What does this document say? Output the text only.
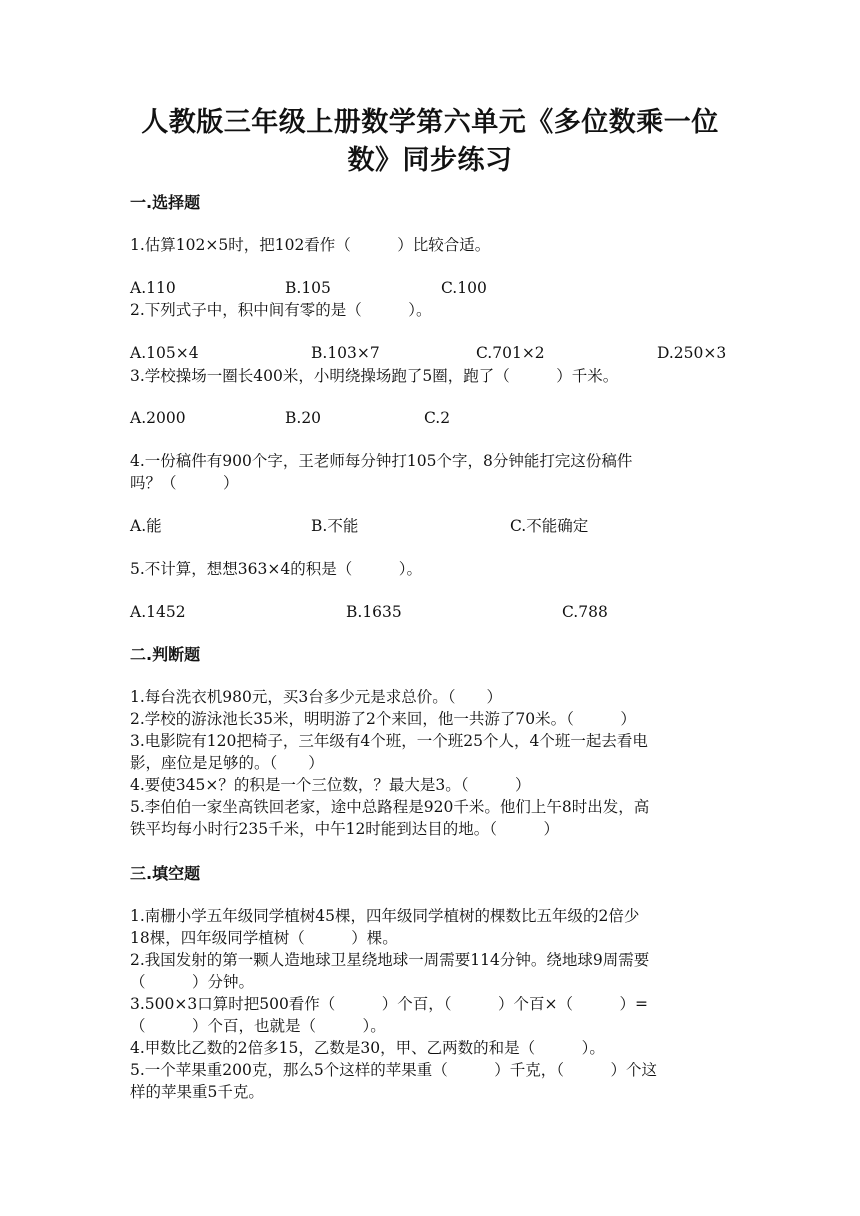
人教版三年级上册数学第六单元《多位数乘一位
数》同步练习
一.选择题
1.估算102×5时，把102看作（　　　）比较合适。
A.110	B.105	C.100
2.下列式子中，积中间有零的是（　　　）。
A.105×4	B.103×7	C.701×2	D.250×3
3.学校操场一圈长400米，小明绕操场跑了5圈，跑了（　　　）千米。
A.2000	B.20	C.2
4.一份稿件有900个字，王老师每分钟打105个字，8分钟能打完这份稿件
吗？（　　　）
A.能	B.不能	C.不能确定
5.不计算，想想363×4的积是（　　　）。
A.1452	B.1635	C.788
二.判断题
1.每台洗衣机980元，买3台多少元是求总价。（　　）
2.学校的游泳池长35米，明明游了2个来回，他一共游了70米。（　　　）
3.电影院有120把椅子，三年级有4个班，一个班25个人，4个班一起去看电
影，座位是足够的。（　　）
4.要使345×？的积是一个三位数，？最大是3。（　　　）
5.李伯伯一家坐高铁回老家，途中总路程是920千米。他们上午8时出发，高
铁平均每小时行235千米，中午12时能到达目的地。（　　　）
三.填空题
1.南栅小学五年级同学植树45棵，四年级同学植树的棵数比五年级的2倍少
18棵，四年级同学植树（　　　）棵。
2.我国发射的第一颗人造地球卫星绕地球一周需要114分钟。绕地球9周需要
（　　　）分钟。
3.500×3口算时把500看作（　　　）个百，（　　　）个百×（　　　）=
（　　　）个百，也就是（　　　）。
4.甲数比乙数的2倍多15，乙数是30，甲、乙两数的和是（　　　）。
5.一个苹果重200克，那么5个这样的苹果重（　　　）千克，（　　　）个这
样的苹果重5千克。
